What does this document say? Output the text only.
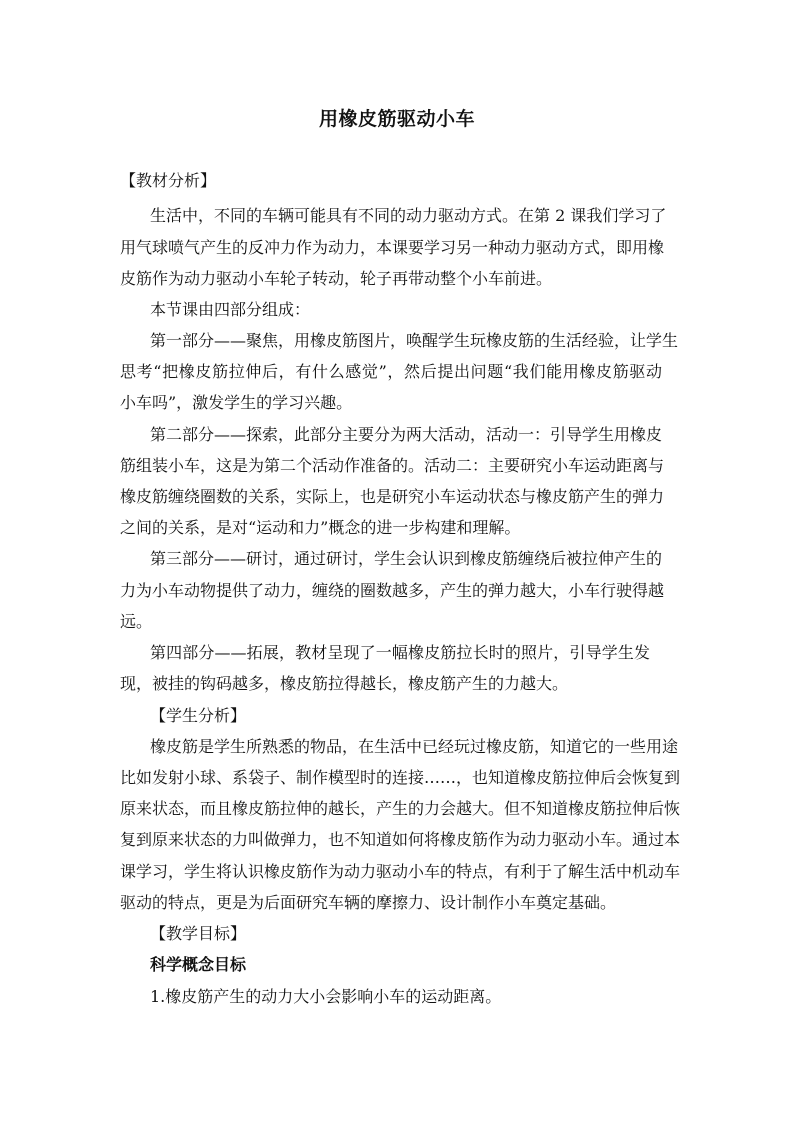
用橡皮筋驱动小车
【教材分析】
生活中，不同的车辆可能具有不同的动力驱动方式。在第 2 课我们学习了
用气球喷气产生的反冲力作为动力，本课要学习另一种动力驱动方式，即用橡
皮筋作为动力驱动小车轮子转动，轮子再带动整个小车前进。
本节课由四部分组成：
第一部分——聚焦，用橡皮筋图片，唤醒学生玩橡皮筋的生活经验，让学生
思考“把橡皮筋拉伸后，有什么感觉”，然后提出问题“我们能用橡皮筋驱动
小车吗”，激发学生的学习兴趣。
第二部分——探索，此部分主要分为两大活动，活动一：引导学生用橡皮
筋组装小车，这是为第二个活动作准备的。活动二：主要研究小车运动距离与
橡皮筋缠绕圈数的关系，实际上，也是研究小车运动状态与橡皮筋产生的弹力
之间的关系，是对“运动和力”概念的进一步构建和理解。
第三部分——研讨，通过研讨，学生会认识到橡皮筋缠绕后被拉伸产生的
力为小车动物提供了动力，缠绕的圈数越多，产生的弹力越大，小车行驶得越
远。
第四部分——拓展，教材呈现了一幅橡皮筋拉长时的照片，引导学生发
现，被挂的钩码越多，橡皮筋拉得越长，橡皮筋产生的力越大。
【学生分析】
橡皮筋是学生所熟悉的物品，在生活中已经玩过橡皮筋，知道它的一些用途
比如发射小球、系袋子、制作模型时的连接……，也知道橡皮筋拉伸后会恢复到
原来状态，而且橡皮筋拉伸的越长，产生的力会越大。但不知道橡皮筋拉伸后恢
复到原来状态的力叫做弹力，也不知道如何将橡皮筋作为动力驱动小车。通过本
课学习，学生将认识橡皮筋作为动力驱动小车的特点，有利于了解生活中机动车
驱动的特点，更是为后面研究车辆的摩擦力、设计制作小车奠定基础。
【教学目标】
科学概念目标
1.橡皮筋产生的动力大小会影响小车的运动距离。
